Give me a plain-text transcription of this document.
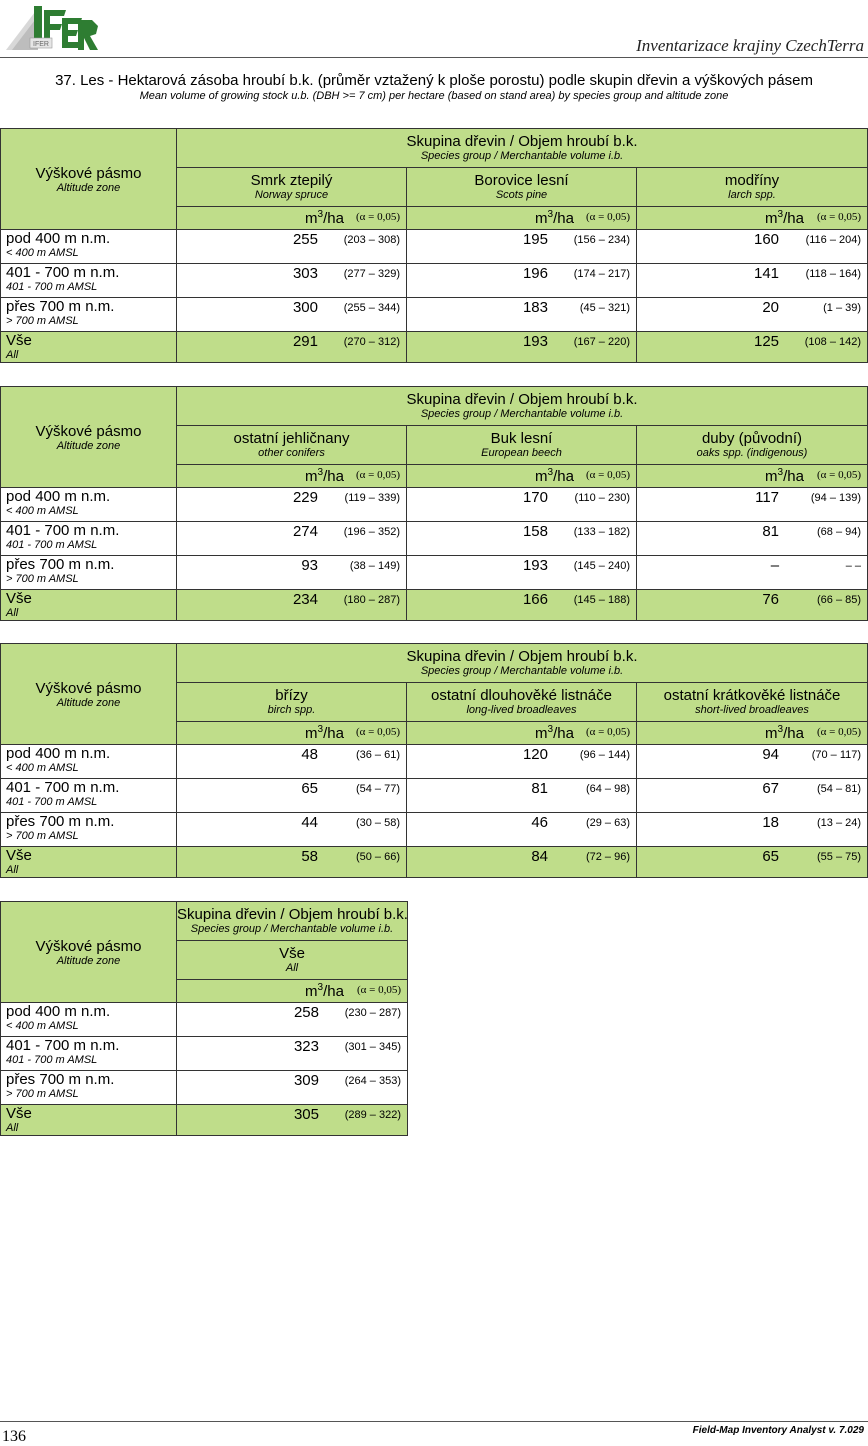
IFER	Inventarizace krajiny CzechTerra
37. Les - Hektarová zásoba hroubí b.k. (průměr vztažený k ploše porostu) podle skupin dřevin a výškových pásem
Mean volume of growing stock u.b. (DBH >= 7 cm) per hectare (based on stand area) by species group and altitude zone
Výškové pásmo
Altitude zone	Skupina dřevin / Objem hroubí b.k.
Species group / Merchantable volume i.b.		

	Smrk ztepilý
Norway spruce	Borovice lesní
Scots pine	modříny
larch spp.

	$m^3/ha$ (α = 0,05)	$m^3/ha$ (α = 0,05)	$m^3/ha$ (α = 0,05)

pod 400 m n.m.
< 400 m AMSL	255 (203 – 308)	195 (156 – 234)	160 (116 – 204)

401 - 700 m n.m.
401 - 700 m AMSL	303 (277 – 329)	196 (174 – 217)	141 (118 – 164)

přes 700 m n.m.
> 700 m AMSL	300 (255 – 344)	183 (45 – 321)	20 (1 – 39)

Vše
All	291 (270 – 312)	193 (167 – 220)	125 (108 – 142)
Výškové pásmo
Altitude zone	Skupina dřevin / Objem hroubí b.k.
Species group / Merchantable volume i.b.		

	ostatní jehličnany
other conifers	Buk lesní
European beech	duby (původní)
oaks spp. (indigenous)

	$m^3/ha$ (α = 0,05)	$m^3/ha$ (α = 0,05)	$m^3/ha$ (α = 0,05)

pod 400 m n.m.
< 400 m AMSL	229 (119 – 339)	170 (110 – 230)	117 (94 – 139)

401 - 700 m n.m.
401 - 700 m AMSL	274 (196 – 352)	158 (133 – 182)	81 (68 – 94)

přes 700 m n.m.
> 700 m AMSL	93 (38 – 149)	193 (145 – 240)	– – –

Vše
All	234 (180 – 287)	166 (145 – 188)	76 (66 – 85)
Výškové pásmo
Altitude zone	Skupina dřevin / Objem hroubí b.k.
Species group / Merchantable volume i.b.		

	břízy
birch spp.	ostatní dlouhověké listnáče
long-lived broadleaves	ostatní krátkověké listnáče
short-lived broadleaves

	$m^3/ha$ (α = 0,05)	$m^3/ha$ (α = 0,05)	$m^3/ha$ (α = 0,05)

pod 400 m n.m.
< 400 m AMSL	48 (36 – 61)	120 (96 – 144)	94 (70 – 117)

401 - 700 m n.m.
401 - 700 m AMSL	65 (54 – 77)	81 (64 – 98)	67 (54 – 81)

přes 700 m n.m.
> 700 m AMSL	44 (30 – 58)	46 (29 – 63)	18 (13 – 24)

Vše
All	58 (50 – 66)	84 (72 – 96)	65 (55 – 75)
Výškové pásmo
Altitude zone	Skupina dřevin / Objem hroubí b.k.
Species group / Merchantable volume i.b.

	Vše
All

	$m^3/ha$ (α = 0,05)

pod 400 m n.m.
< 400 m AMSL	258 (230 – 287)

401 - 700 m n.m.
401 - 700 m AMSL	323 (301 – 345)

přes 700 m n.m.
> 700 m AMSL	309 (264 – 353)

Vše
All	305 (289 – 322)
136	Field-Map Inventory Analyst v. 7.029
